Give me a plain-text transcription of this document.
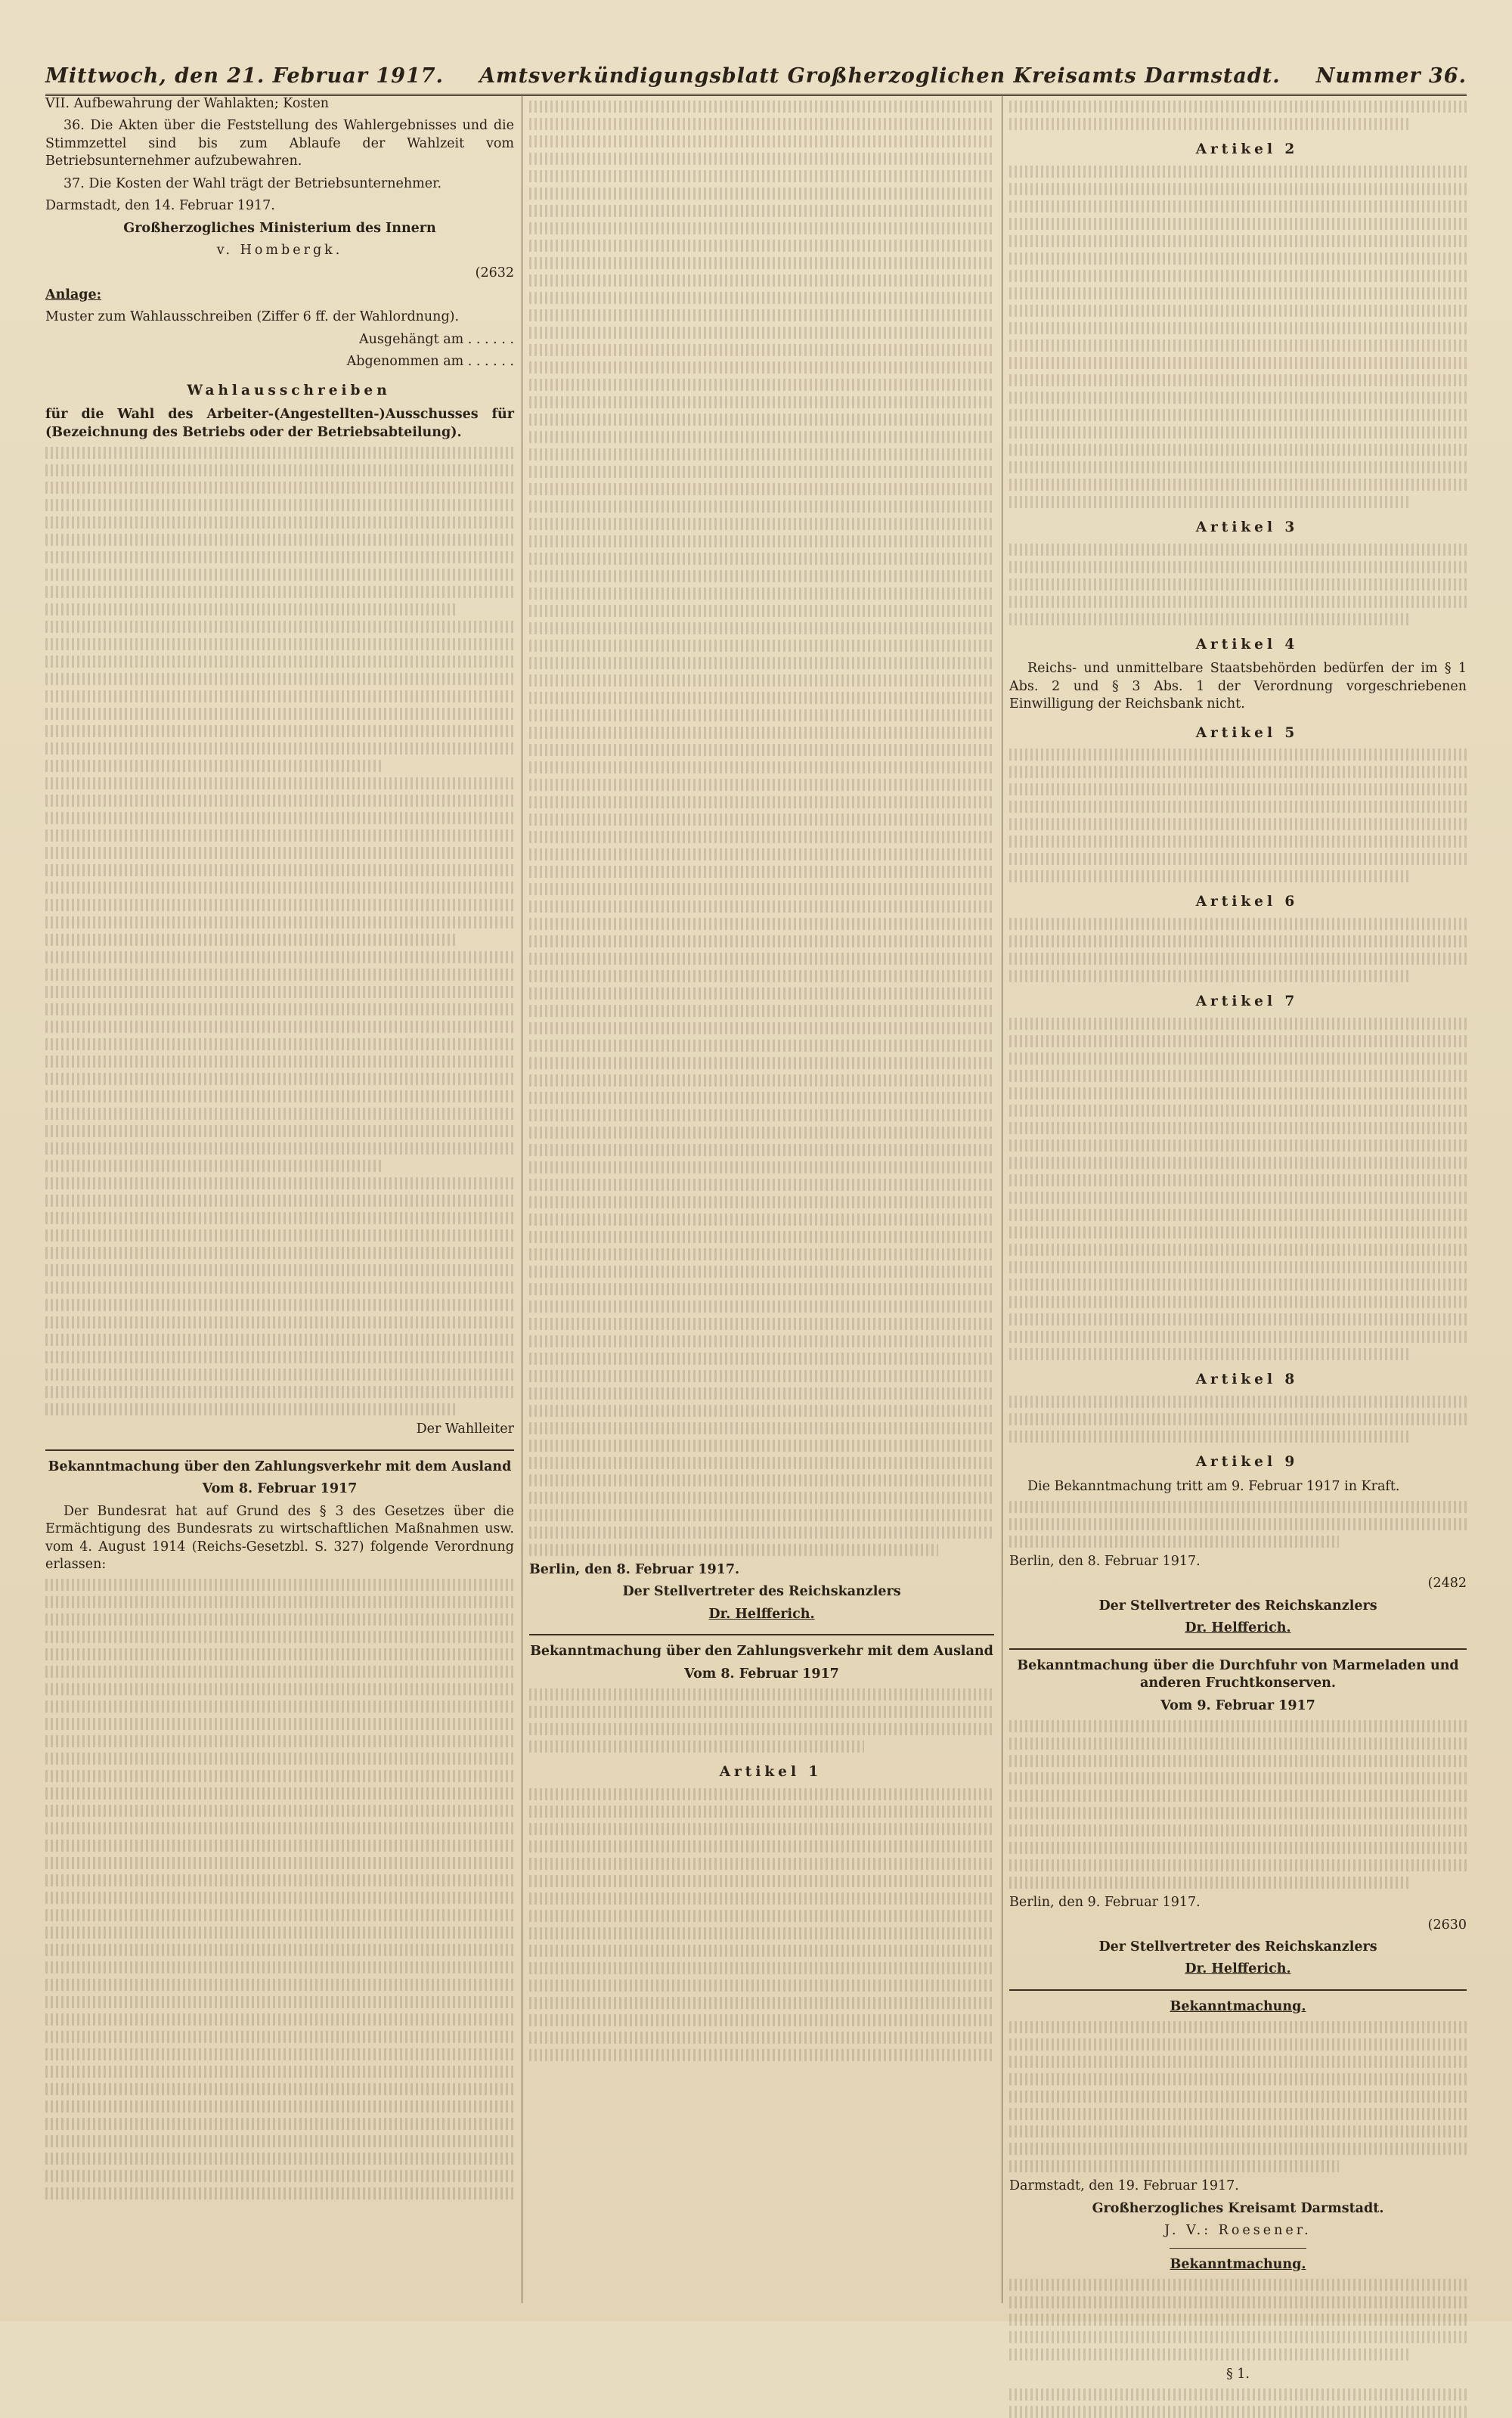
Mittwoch, den 21. Februar 1917. Amtsverkündigungsblatt Großherzoglichen Kreisamts Darmstadt. Nummer 36.

VII. Aufbewahrung der Wahlakten; Kosten

36. Die Akten über die Feststellung des Wahlergebnisses und die Stimmzettel sind bis zum Ablaufe der Wahlzeit vom Betriebsunternehmer aufzubewahren.

37. Die Kosten der Wahl trägt der Betriebsunternehmer.

Darmstadt, den 14. Februar 1917.

Großherzogliches Ministerium des Innern

v. Hombergk.

(2632

Anlage:

Muster zum Wahlausschreiben (Ziffer 6 ff. der Wahlordnung).

Ausgehängt am . . . . . .

Abgenommen am . . . . . .

Wahlausschreiben

für die Wahl des Arbeiter-(Angestellten-)Ausschusses für (Bezeichnung des Betriebs oder der Betriebsabteilung).

Der Wahlleiter

Bekanntmachung über den Zahlungsverkehr mit dem Ausland

Vom 8. Februar 1917

Der Bundesrat hat auf Grund des § 3 des Gesetzes über die Ermächtigung des Bundesrats zu wirtschaftlichen Maßnahmen usw. vom 4. August 1914 (Reichs-Gesetzbl. S. 327) folgende Verordnung erlassen:	Berlin, den 8. Februar 1917.

Der Stellvertreter des Reichskanzlers

Dr. Helfferich.

Bekanntmachung über den Zahlungsverkehr mit dem Ausland

Vom 8. Februar 1917

Artikel 1

Artikel 2

Artikel 3

Artikel 4

Reichs- und unmittelbare Staatsbehörden bedürfen der im § 1 Abs. 2 und § 3 Abs. 1 der Verordnung vorgeschriebenen Einwilligung der Reichsbank nicht.

Artikel 5

Artikel 6

Artikel 7

Artikel 8

Artikel 9

Die Bekanntmachung tritt am 9. Februar 1917 in Kraft.

Berlin, den 8. Februar 1917.

(2482

Der Stellvertreter des Reichskanzlers

Dr. Helfferich.

Bekanntmachung über die Durchfuhr von Marmeladen und anderen Fruchtkonserven.

Vom 9. Februar 1917

Berlin, den 9. Februar 1917.

(2630

Der Stellvertreter des Reichskanzlers

Dr. Helfferich.

Bekanntmachung.

Darmstadt, den 19. Februar 1917.

Großherzogliches Kreisamt Darmstadt.

J. V.: Roesener.

Bekanntmachung.

§ 1.
